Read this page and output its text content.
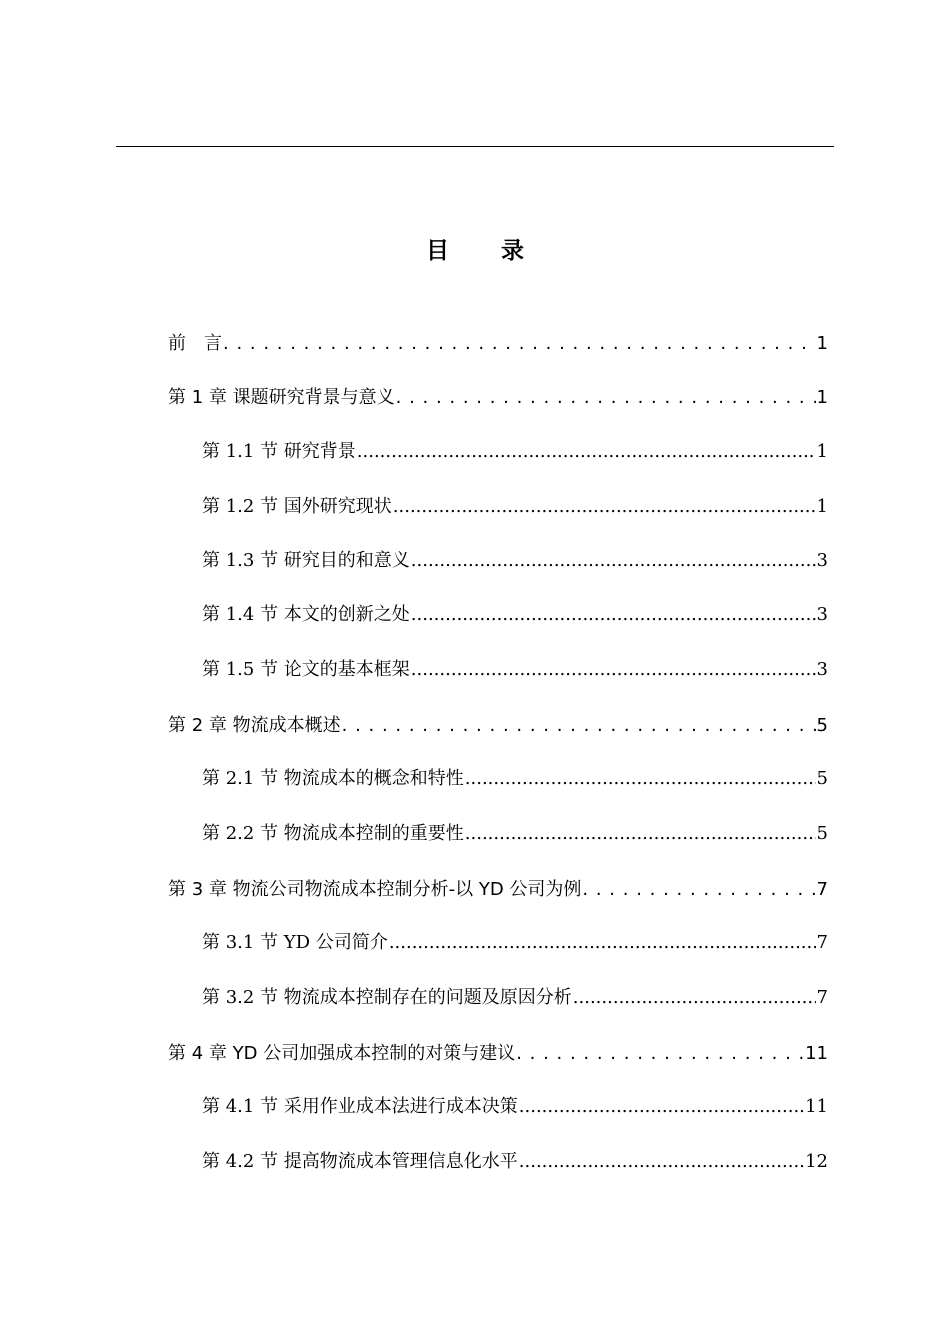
目 录
前　言 . . .	1
第 1 章 课题研究背景与意义 . . .	1
第 1.1 节 研究背景 .....	1
第 1.2 节 国外研究现状 .....	1
第 1.3 节 研究目的和意义 .....	3
第 1.4 节 本文的创新之处 .....	3
第 1.5 节 论文的基本框架 .....	3
第 2 章 物流成本概述 . . .	5
第 2.1 节 物流成本的概念和特性 .....	5
第 2.2 节 物流成本控制的重要性 .....	5
第 3 章 物流公司物流成本控制分析-以 YD 公司为例 . . .	7
第 3.1 节 YD 公司简介 .....	7
第 3.2 节 物流成本控制存在的问题及原因分析 .....	7
第 4 章 YD 公司加强成本控制的对策与建议 . . .	11
第 4.1 节 采用作业成本法进行成本决策 .....	11
第 4.2 节 提高物流成本管理信息化水平 .....	12
